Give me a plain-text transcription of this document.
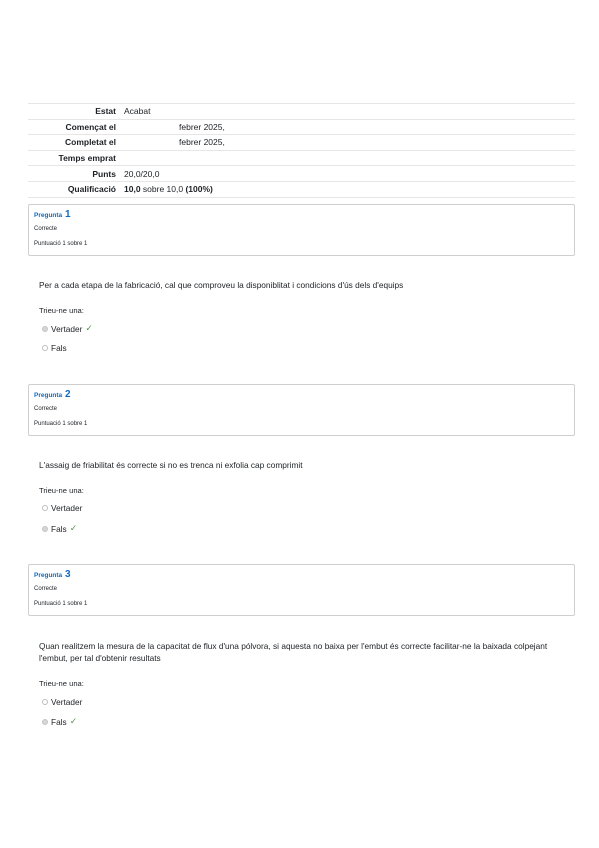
Estat	Acabat
Començat el	febrer 2025,
Completat el	febrer 2025,
Temps emprat	
Punts	20,0/20,0
Qualificació	10,0 sobre 10,0 (100%)
Pregunta 1
Correcte
Puntuació 1 sobre 1
Per a cada etapa de la fabricació, cal que comproveu la disponiblitat i condicions d'ús dels d'equips
Trieu-ne una:
Vertader ✓
Fals
Pregunta 2
Correcte
Puntuació 1 sobre 1
L'assaig de friabilitat és correcte si no es trenca ni exfolia cap comprimit
Trieu-ne una:
Vertader
Fals ✓
Pregunta 3
Correcte
Puntuació 1 sobre 1
Quan realitzem la mesura de la capacitat de flux d'una pólvora, si aquesta no baixa per l'embut és correcte facilitar-ne la baixada colpejant l'embut, per tal d'obtenir resultats
Trieu-ne una:
Vertader
Fals ✓
